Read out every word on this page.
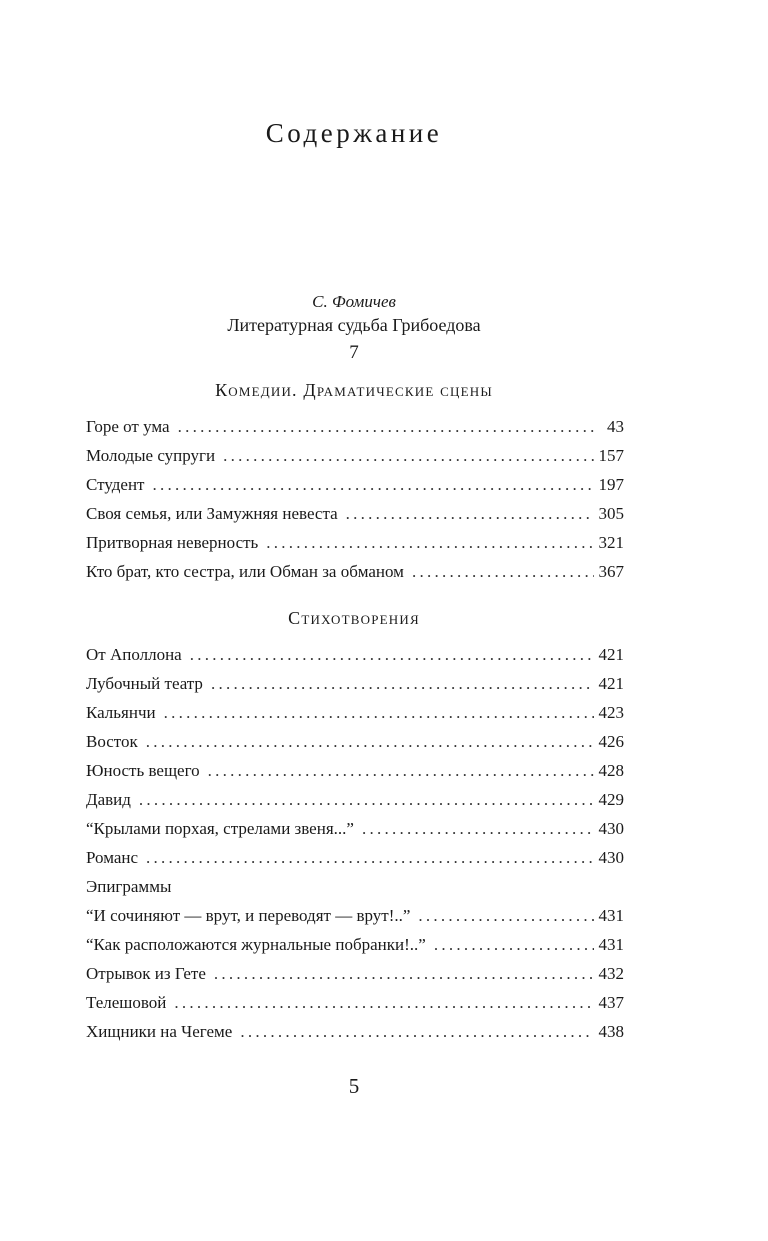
Содержание
С. Фомичев
Литературная судьба Грибоедова
7
Комедии. Драматические сцены
Горе от ума . . .	43
Молодые супруги . . .	157
Студент . . .	197
Своя семья, или Замужняя невеста . . .	305
Притворная неверность . . .	321
Кто брат, кто сестра, или Обман за обманом . . .	367
Стихотворения
От Аполлона . . .	421
Лубочный театр . . .	421
Кальянчи . . .	423
Восток . . .	426
Юность вещего . . .	428
Давид . . .	429
“Крылами порхая, стрелами звеня...” . . .	430
Романс . . .	430
Эпиграммы
“И сочиняют — врут, и переводят — врут!..” . . .	431
“Как расположаются журнальные побранки!..” . . .	431
Отрывок из Гете . . .	432
Телешовой . . .	437
Хищники на Чегеме . . .	438
5
